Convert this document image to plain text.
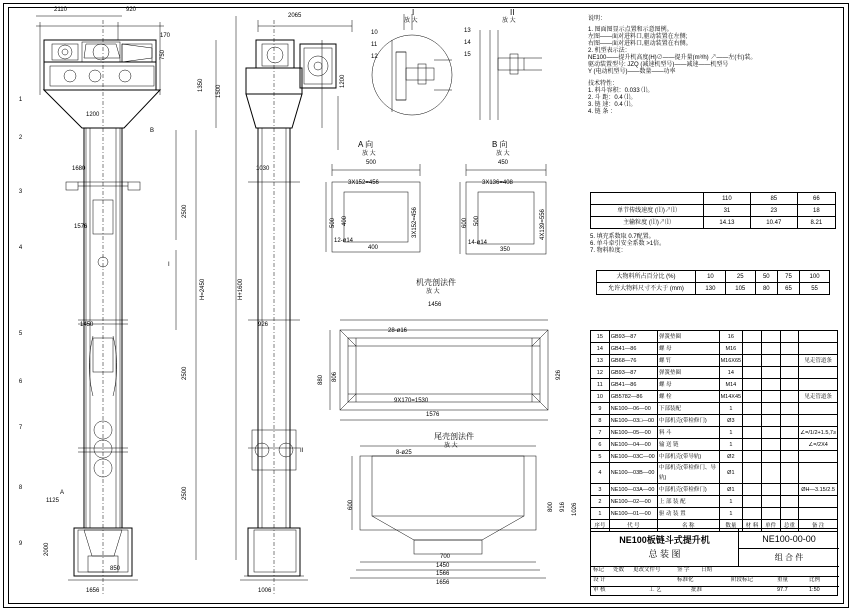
2110	920
170
750
1350 1500
1200
1680
1576
2500
H+1600
H=2450
1450
2500
1125
2500
2000
850
1656
B
I
A
II
1
2
3
4
5
6
7
8
9
2065
1200
1030
926
1006
I
放 大
10
11
12
II
放 大
13
14
15
A 向
放 大
500
3X152=456
500 400	3X152=456
12-ø14
400
B 向
放 大
450
3X136=408
600 500	4X139=556
14-ø14
350
机壳剖法件
放 大
1456
880 806	926
28-ø16
9X170=1530
1576
尾壳剖法件
放 大
8-ø25
600	800 916 1026
700
1450
1566
1656
说明：
1. 图面图显示点置和示意图例。
左图——面对进料口,驱动装置在左侧;
右图——面对进料口,驱动装置在右侧。
2. 机型表示法：
NE100——提升机高度(H)⊘——提升量(m³/h) ↗——左(右)装。
驱动装置型号: JZQ (减速机型号)——减速——机型号
Y (电动机型号)——数量——功率
技术特性：
1. 料斗容积：0.033 ⒧。
2. 斗 距：0.4 ⒧。
3. 链 速：0.4 ⒧。
4. 链 条 ：
	110	85	66
单节传线速度 (⒧)↗⒧	31	23	18
主输粒度 (⒧)↗⒧	14.13	10.47	8.21
5. 填充系数取 0.7配置。
6. 单斗牵引安全系数 >1倍。
7. 物料粒度：
大物料所占百分比 (%)	10	25	50	75	100
允许大物料尺寸不大于 (mm)	130	105	80	65	55
15	GB93—87	弹簧垫圈	16				
14	GB41—86	螺 母	M16				
13	GB68—76	螺 钉	M16X65				见走管道条
12	GB93—87	弹簧垫圈	14				
11	GB41—86	螺 母	M14				
10	GB5782—86	螺 栓	M14X45				见走管道条
9	NE100—06—00	下部装配	1				
8	NE100—03□—00	中部机壳(带检修门)	Ø3				
7	NE100—05—00	料 斗	1				∠=/1/2+1.5,7≥
6	NE100—04—00	输 送 链	1				∠=/2X4
5	NE100—03C—00	中部机壳(带导轨)	Ø2				
4	NE100—03B—00	中部机壳(带检修门、导轨)	Ø1				
3	NE100—03A—00	中部机壳(带检修门)	Ø1				ØH—3.15/2.5
2	NE100—02—00	上 部 装 配	1				
1	NE100—01—00	驱 动 装 置	1				
序号	代 号	名 称	数量	材 料	单件	总重	备 注
NE100板链斗式提升机
总 装 图
NE100-00-00
组 合 件
标记 处数 更改文件号	签 字 日期
设 计	标准化	阶段标记	重量	比例
审 核	工 艺	批准	97.7	1:50
